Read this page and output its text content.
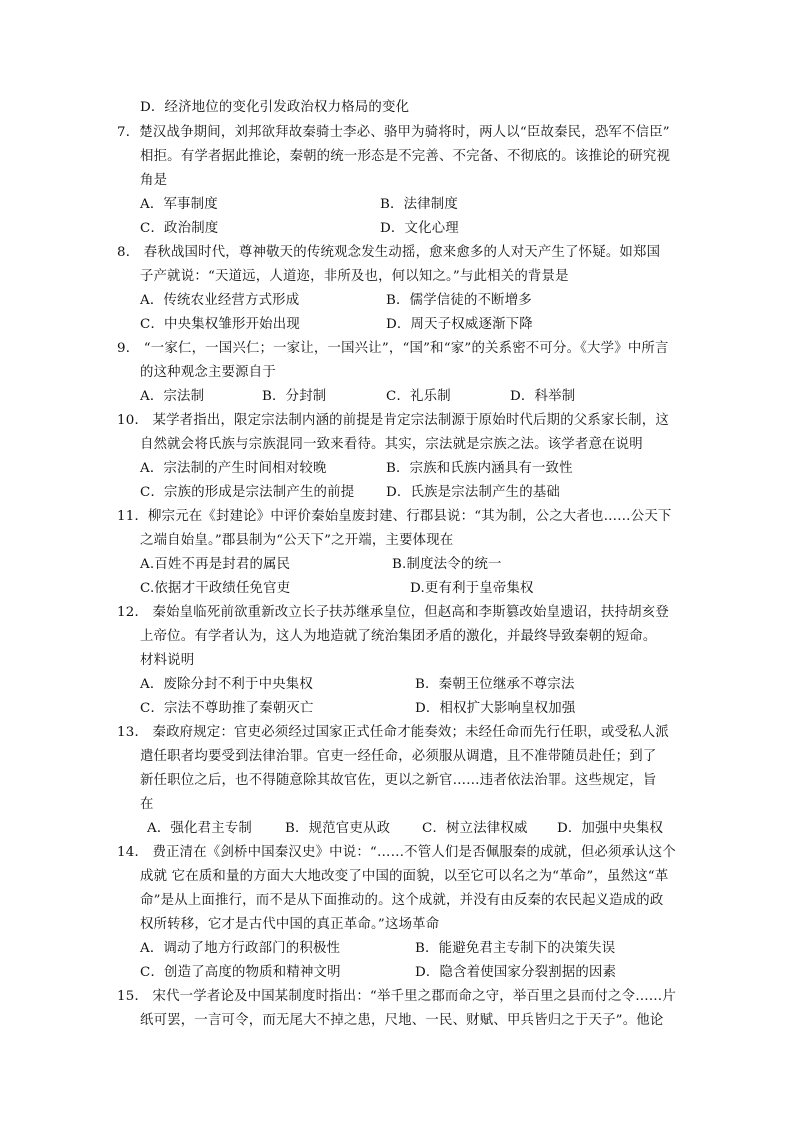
D．经济地位的变化引发政治权力格局的变化
7．楚汉战争期间，刘邦欲拜故秦骑士李必、骆甲为骑将时，两人以“臣故秦民，恐军不信臣”
相拒。有学者据此推论，秦朝的统一形态是不完善、不完备、不彻底的。该推论的研究视
角是
A．军事制度	B．法律制度
C．政治制度	D．文化心理
8． 春秋战国时代，尊神敬天的传统观念发生动摇，愈来愈多的人对天产生了怀疑。如郑国
子产就说：“天道远，人道迩，非所及也，何以知之。”与此相关的背景是
A．传统农业经营方式形成	B．儒学信徒的不断增多
C．中央集权雏形开始出现	D．周天子权威逐渐下降
9． “一家仁，一国兴仁；一家让，一国兴让”，“国”和“家”的关系密不可分。《大学》中所言
的这种观念主要源自于
A．宗法制	B．分封制	C．礼乐制	D．科举制
10． 某学者指出，限定宗法制内涵的前提是肯定宗法制源于原始时代后期的父系家长制，这
自然就会将氏族与宗族混同一致来看待。其实，宗法就是宗族之法。该学者意在说明
A．宗法制的产生时间相对较晚	B．宗族和氏族内涵具有一致性
C．宗族的形成是宗法制产生的前提 D．氏族是宗法制产生的基础
11．柳宗元在《封建论》中评价秦始皇废封建、行郡县说：“其为制，公之大者也……公天下
之端自始皇。”郡县制为“公天下”之开端，主要体现在
A.百姓不再是封君的属民	B.制度法令的统一
C.依据才干政绩任免官吏	D.更有利于皇帝集权
12． 秦始皇临死前欲重新改立长子扶苏继承皇位，但赵高和李斯篡改始皇遗诏，扶持胡亥登
上帝位。有学者认为，这人为地造就了统治集团矛盾的激化，并最终导致秦朝的短命。
材料说明
A．废除分封不利于中央集权	B．秦朝王位继承不尊宗法
C．宗法不尊助推了秦朝灭亡	D．相权扩大影响皇权加强
13． 秦政府规定：官吏必须经过国家正式任命才能奏效；未经任命而先行任职，或受私人派
遣任职者均要受到法律治罪。官吏一经任命，必须服从调遣，且不准带随员赴任；到了
新任职位之后，也不得随意除其故官佐，更以之新官……违者依法治罪。这些规定，旨
在
A．强化君主专制 B．规范官吏从政 C．树立法律权威 D．加强中央集权
14． 费正清在《剑桥中国秦汉史》中说：“……不管人们是否佩服秦的成就，但必须承认这个
成就 它在质和量的方面大大地改变了中国的面貌，以至它可以名之为“革命”，虽然这“革
命”是从上面推行，而不是从下面推动的。这个成就，并没有由反秦的农民起义造成的政
权所转移，它才是古代中国的真正革命。”这场革命
A．调动了地方行政部门的积极性	B．能避免君主专制下的决策失误
C．创造了高度的物质和精神文明	D．隐含着使国家分裂割据的因素
15． 宋代一学者论及中国某制度时指出：“举千里之郡而命之守，举百里之县而付之令……片
纸可罢，一言可令，而无尾大不掉之患，尺地、一民、财赋、甲兵皆归之于天子”。他论
